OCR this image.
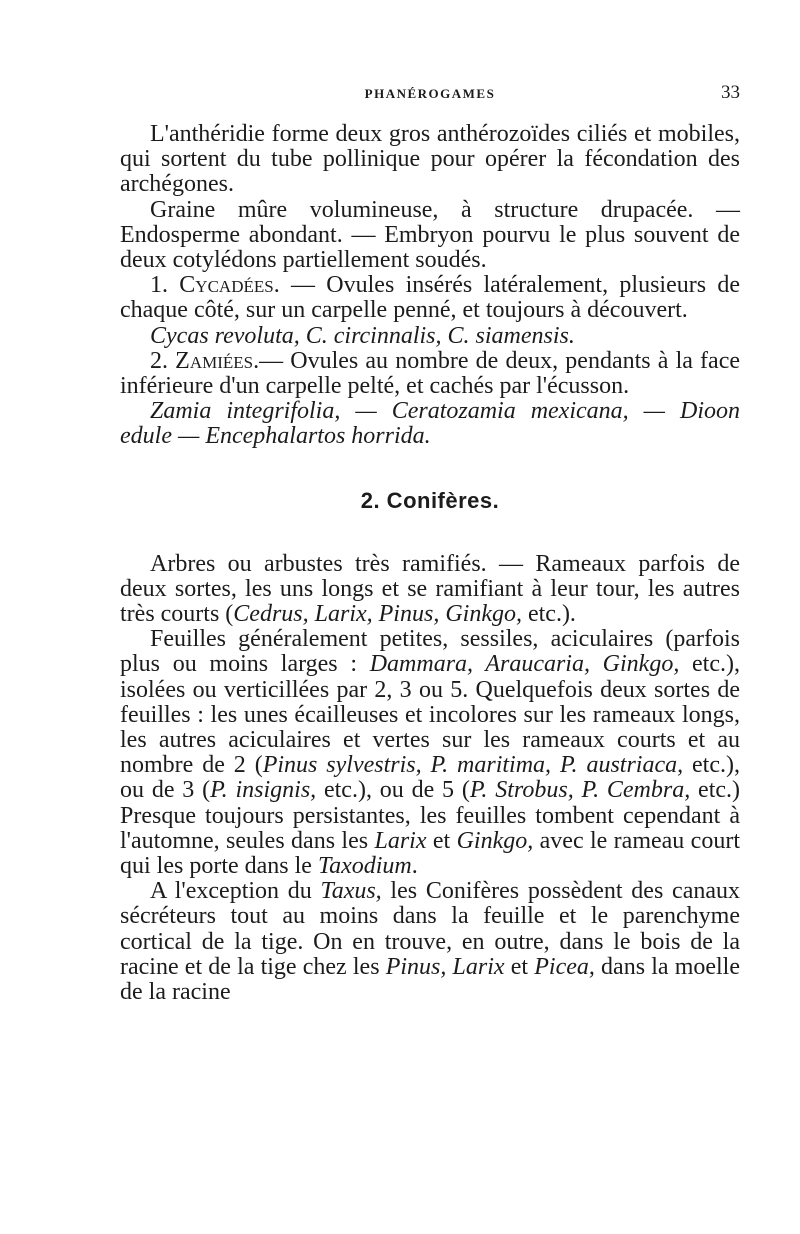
PHANÉROGAMES	33

L'anthéridie forme deux gros anthérozoïdes ciliés et mobiles, qui sortent du tube pollinique pour opérer la fécondation des archégones.

Graine mûre volumineuse, à structure drupacée. — Endosperme abondant. — Embryon pourvu le plus souvent de deux cotylédons partiellement soudés.

1. Cycadées. — Ovules insérés latéralement, plusieurs de chaque côté, sur un carpelle penné, et toujours à découvert.

Cycas revoluta, C. circinnalis, C. siamensis.

2. Zamiées.— Ovules au nombre de deux, pendants à la face inférieure d'un carpelle pelté, et cachés par l'écusson.

Zamia integrifolia, — Ceratozamia mexicana, — Dioon edule — Encephalartos horrida.

2. Conifères.

Arbres ou arbustes très ramifiés. — Rameaux parfois de deux sortes, les uns longs et se ramifiant à leur tour, les autres très courts (Cedrus, Larix, Pinus, Ginkgo, etc.).

Feuilles généralement petites, sessiles, aciculaires (parfois plus ou moins larges : Dammara, Araucaria, Ginkgo, etc.), isolées ou verticillées par 2, 3 ou 5. Quelquefois deux sortes de feuilles : les unes écailleuses et incolores sur les rameaux longs, les autres aciculaires et vertes sur les rameaux courts et au nombre de 2 (Pinus sylvestris, P. maritima, P. austriaca, etc.), ou de 3 (P. insignis, etc.), ou de 5 (P. Strobus, P. Cembra, etc.) Presque toujours persistantes, les feuilles tombent cependant à l'automne, seules dans les Larix et Ginkgo, avec le rameau court qui les porte dans le Taxodium.

A l'exception du Taxus, les Conifères possèdent des canaux sécréteurs tout au moins dans la feuille et le parenchyme cortical de la tige. On en trouve, en outre, dans le bois de la racine et de la tige chez les Pinus, Larix et Picea, dans la moelle de la racine
